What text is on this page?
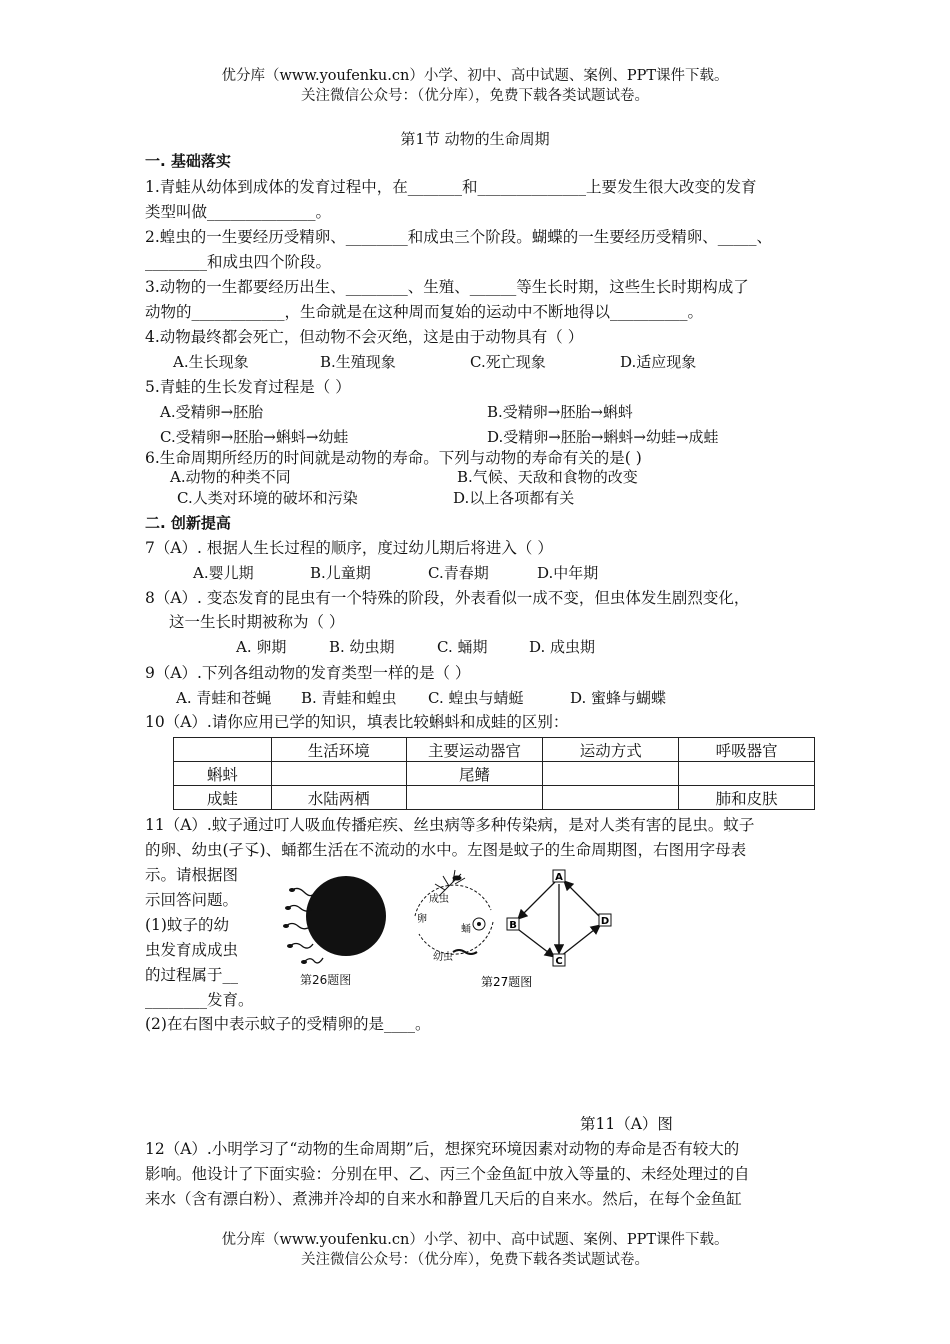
优分库（www.youfenku.cn）小学、初中、高中试题、案例、PPT课件下载。
关注微信公众号：（优分库），免费下载各类试题试卷。
第1节 动物的生命周期
一. 基础落实
1.青蛙从幼体到成体的发育过程中，在_______和______________上要发生很大改变的发育
类型叫做______________。
2.蝗虫的一生要经历受精卵、________和成虫三个阶段。蝴蝶的一生要经历受精卵、_____、
________和成虫四个阶段。
3.动物的一生都要经历出生、________、生殖、______等生长时期，这些生长时期构成了
动物的____________，生命就是在这种周而复始的运动中不断地得以__________。
4.动物最终都会死亡，但动物不会灭绝，这是由于动物具有（ ）
A.生长现象	B.生殖现象	C.死亡现象	D.适应现象
5.青蛙的生长发育过程是（ ）
A.受精卵→胚胎	B.受精卵→胚胎→蝌蚪
C.受精卵→胚胎→蝌蚪→幼蛙	D.受精卵→胚胎→蝌蚪→幼蛙→成蛙
6.生命周期所经历的时间就是动物的寿命。下列与动物的寿命有关的是( )
A.动物的种类不同	B.气候、天敌和食物的改变
C.人类对环境的破坏和污染	D.以上各项都有关
二. 创新提高
7（A）. 根据人生长过程的顺序，度过幼儿期后将进入（ ）
A.婴儿期	B.儿童期	C.青春期	D.中年期
8（A）. 变态发育的昆虫有一个特殊的阶段，外表看似一成不变，但虫体发生剧烈变化，
这一生长时期被称为（ ）
A. 卵期	B. 幼虫期	C. 蛹期	D. 成虫期
9（A）.下列各组动物的发育类型一样的是（ ）
A. 青蛙和苍蝇 B. 青蛙和蝗虫 C. 蝗虫与蜻蜓	D. 蜜蜂与蝴蝶
10（A）.请你应用已学的知识，填表比较蝌蚪和成蛙的区别：
	生活环境	主要运动器官	运动方式	呼吸器官
蝌蚪		尾鳍		
成蛙	水陆两栖			肺和皮肤
11（A）.蚊子通过叮人吸血传播疟疾、丝虫病等多种传染病，是对人类有害的昆虫。蚊子
的卵、幼虫(孑孓)、蛹都生活在不流动的水中。左图是蚊子的生命周期图，右图用字母表
示。请根据图
示回答问题。
(1)蚊子的幼
虫发育成成虫
的过程属于__
________发育。
(2)在右图中表示蚊子的受精卵的是____。
第26题图
成虫
卵
蛹
幼虫
A
B	D
C
第27题图
第11（A）图
12（A）.小明学习了“动物的生命周期”后，想探究环境因素对动物的寿命是否有较大的
影响。他设计了下面实验：分别在甲、乙、丙三个金鱼缸中放入等量的、未经处理过的自
来水（含有漂白粉）、煮沸并冷却的自来水和静置几天后的自来水。然后，在每个金鱼缸
优分库（www.youfenku.cn）小学、初中、高中试题、案例、PPT课件下载。
关注微信公众号：（优分库），免费下载各类试题试卷。
